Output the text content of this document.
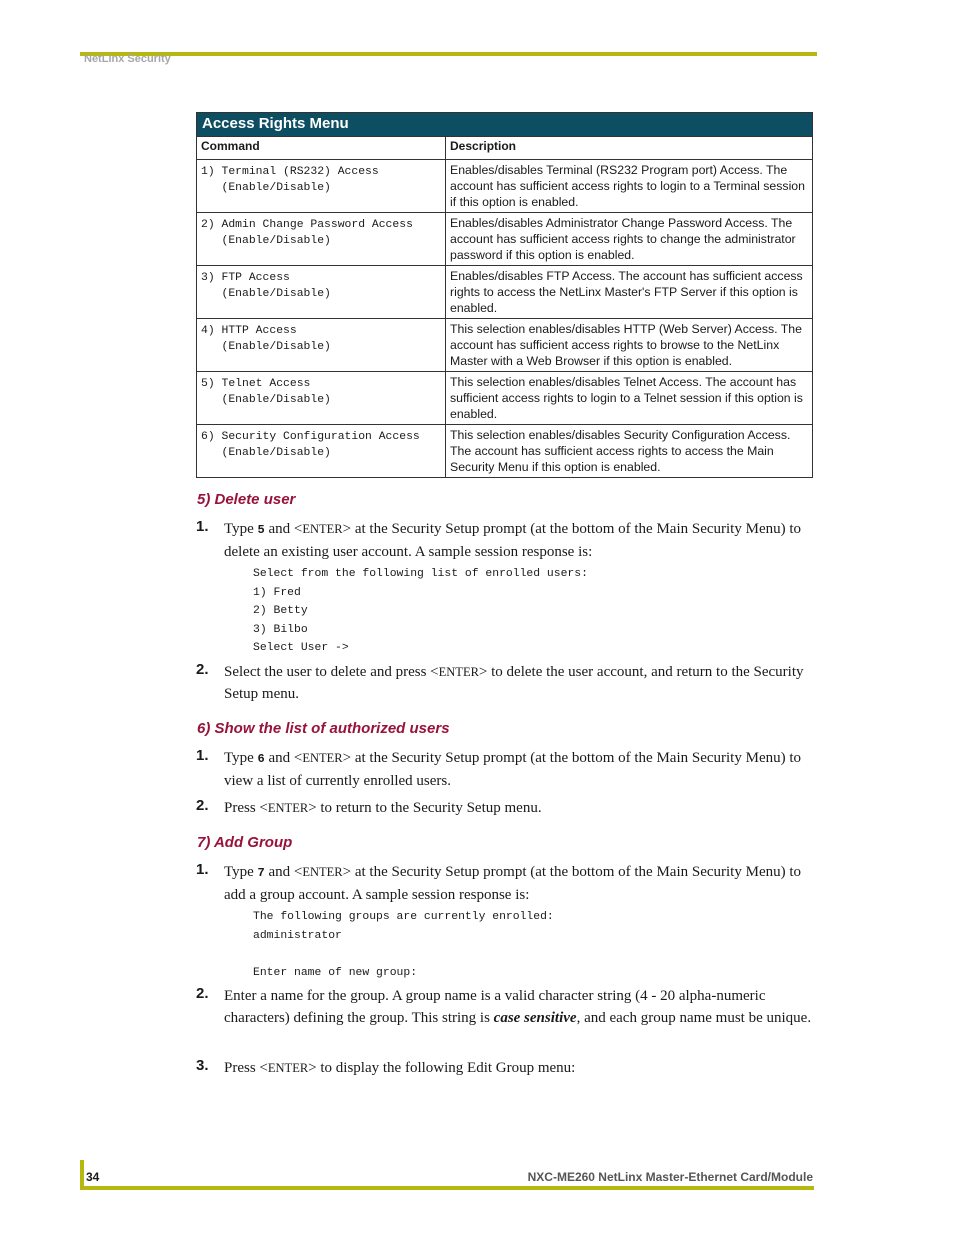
NetLinx Security
Access Rights Menu	
Command	Description
1) Terminal (RS232) Access
(Enable/Disable)	Enables/disables Terminal (RS232 Program port) Access. The account has sufficient access rights to login to a Terminal session if this option is enabled.
2) Admin Change Password Access
(Enable/Disable)	Enables/disables Administrator Change Password Access. The account has sufficient access rights to change the administrator password if this option is enabled.
3) FTP Access
(Enable/Disable)	Enables/disables FTP Access. The account has sufficient access rights to access the NetLinx Master's FTP Server if this option is enabled.
4) HTTP Access
(Enable/Disable)	This selection enables/disables HTTP (Web Server) Access. The account has sufficient access rights to browse to the NetLinx Master with a Web Browser if this option is enabled.
5) Telnet Access
(Enable/Disable)	This selection enables/disables Telnet Access. The account has sufficient access rights to login to a Telnet session if this option is enabled.
6) Security Configuration Access
(Enable/Disable)	This selection enables/disables Security Configuration Access. The account has sufficient access rights to access the Main Security Menu if this option is enabled.
5) Delete user
1. Type 5 and <ENTER> at the Security Setup prompt (at the bottom of the Main Security Menu) to delete an existing user account. A sample session response is:
Select from the following list of enrolled users:
1) Fred
2) Betty
3) Bilbo
Select User ->
2. Select the user to delete and press <ENTER> to delete the user account, and return to the Security Setup menu.
6) Show the list of authorized users
1. Type 6 and <ENTER> at the Security Setup prompt (at the bottom of the Main Security Menu) to view a list of currently enrolled users.
2. Press <ENTER> to return to the Security Setup menu.
7) Add Group
1. Type 7 and <ENTER> at the Security Setup prompt (at the bottom of the Main Security Menu) to add a group account. A sample session response is:
The following groups are currently enrolled:
administrator

Enter name of new group:
2. Enter a name for the group. A group name is a valid character string (4 - 20 alpha-numeric characters) defining the group. This string is case sensitive, and each group name must be unique.
3. Press <ENTER> to display the following Edit Group menu:
34	NXC-ME260 NetLinx Master-Ethernet Card/Module
